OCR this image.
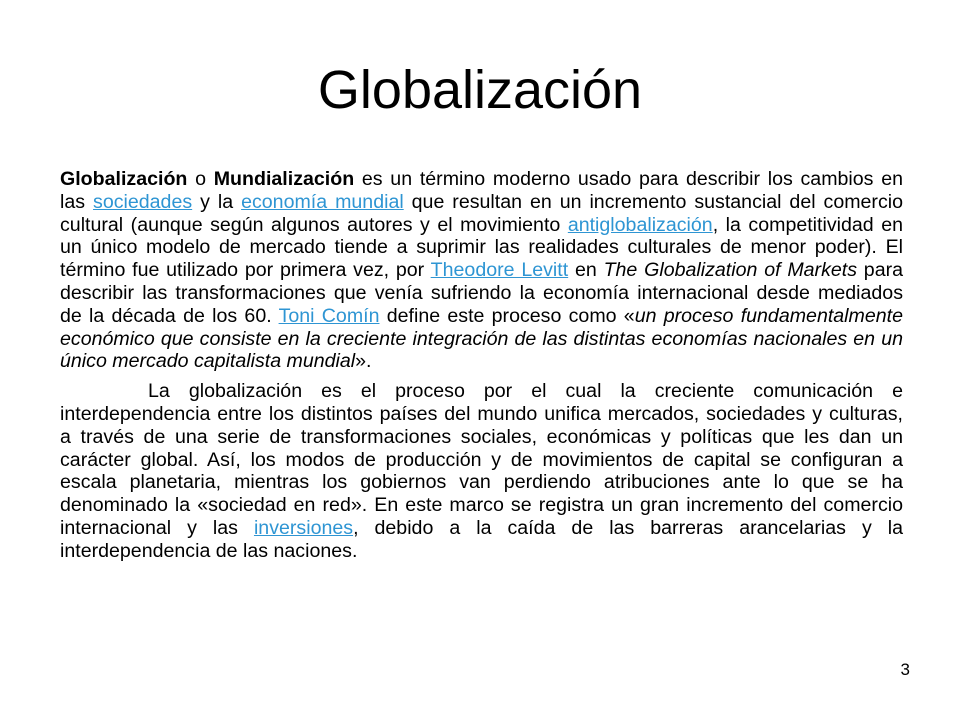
Globalización

Globalización o Mundialización es un término moderno usado para describir los cambios en las sociedades y la economía mundial que resultan en un incremento sustancial del comercio cultural (aunque según algunos autores y el movimiento antiglobalización, la competitividad en un único modelo de mercado tiende a suprimir las realidades culturales de menor poder). El término fue utilizado por primera vez, por Theodore Levitt en The Globalization of Markets para describir las transformaciones que venía sufriendo la economía internacional desde mediados de la década de los 60. Toni Comín define este proceso como «un proceso fundamentalmente económico que consiste en la creciente integración de las distintas economías nacionales en un único mercado capitalista mundial».

La globalización es el proceso por el cual la creciente comunicación e interdependencia entre los distintos países del mundo unifica mercados, sociedades y culturas, a través de una serie de transformaciones sociales, económicas y políticas que les dan un carácter global. Así, los modos de producción y de movimientos de capital se configuran a escala planetaria, mientras los gobiernos van perdiendo atribuciones ante lo que se ha denominado la «sociedad en red». En este marco se registra un gran incremento del comercio internacional y las inversiones, debido a la caída de las barreras arancelarias y la interdependencia de las naciones.

3
